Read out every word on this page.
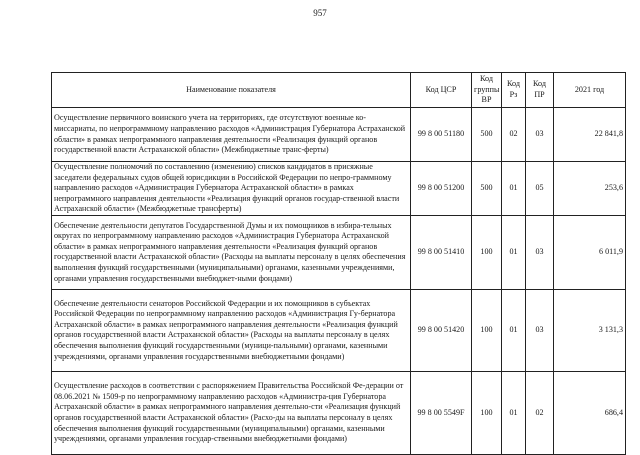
957
Наименование показателя	Код ЦСР	Код группы ВР	Код Рз	Код ПР	2021 год
Осуществление первичного воинского учета на территориях, где отсутствуют военные ко-миссариаты, по непрограммному направлению расходов «Администрация Губернатора Астраханской области» в рамках непрограммного направления деятельности «Реализация функций органов государственной власти Астраханской области» (Межбюджетные транс-ферты)	99 8 00 51180	500	02	03	22 841,8
Осуществление полномочий по составлению (изменению) списков кандидатов в присяжные заседатели федеральных судов общей юрисдикции в Российской Федерации по непро-граммному направлению расходов «Администрация Губернатора Астраханской области» в рамках непрограммного направления деятельности «Реализация функций органов государ-ственной власти Астраханской области» (Межбюджетные трансферты)	99 8 00 51200	500	01	05	253,6
Обеспечение деятельности депутатов Государственной Думы и их помощников в избира-тельных округах по непрограммному направлению расходов «Администрация Губернатора Астраханской области» в рамках непрограммного направления деятельности «Реализация функций органов государственной власти Астраханской области» (Расходы на выплаты персоналу в целях обеспечения выполнения функций государственными (муниципальными) органами, казенными учреждениями, органами управления государственными внебюджет-ными фондами)	99 8 00 51410	100	01	03	6 011,9
Обеспечение деятельности сенаторов Российской Федерации и их помощников в субъектах Российской Федерации по непрограммному направлению расходов «Администрация Гу-бернатора Астраханской области» в рамках непрограммного направления деятельности «Реализация функций органов государственной власти Астраханской области» (Расходы на выплаты персоналу в целях обеспечения выполнения функций государственными (муници-пальными) органами, казенными учреждениями, органами управления государственными внебюджетными фондами)	99 8 00 51420	100	01	03	3 131,3
Осуществление расходов в соответствии с распоряжением Правительства Российской Фе-дерации от 08.06.2021 № 1509-р по непрограммному направлению расходов «Администра-ция Губернатора Астраханской области» в рамках непрограммного направления деятельно-сти «Реализация функций органов государственной власти Астраханской области» (Расхо-ды на выплаты персоналу в целях обеспечения выполнения функций государственными (муниципальными) органами, казенными учреждениями, органами управления государ-ственными внебюджетными фондами)	99 8 00 5549F	100	01	02	686,4
